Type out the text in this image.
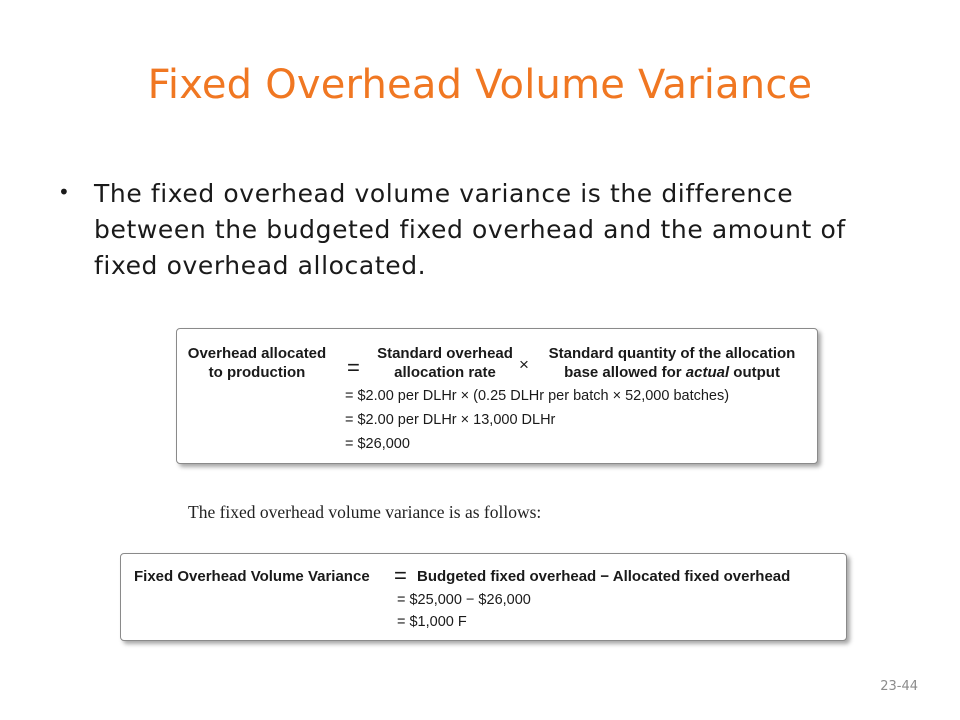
Fixed Overhead Volume Variance
• The fixed overhead volume variance is the difference between the budgeted fixed overhead and the amount of fixed overhead allocated.
Overhead allocated
to production	=
Standard overhead
allocation rate	×
Standard quantity of the allocation
base allowed for actual output
= $2.00 per DLHr × (0.25 DLHr per batch × 52,000 batches)
= $2.00 per DLHr × 13,000 DLHr
= $26,000
The fixed overhead volume variance is as follows:
Fixed Overhead Volume Variance = Budgeted fixed overhead − Allocated fixed overhead
= $25,000 − $26,000
= $1,000 F
23-44
